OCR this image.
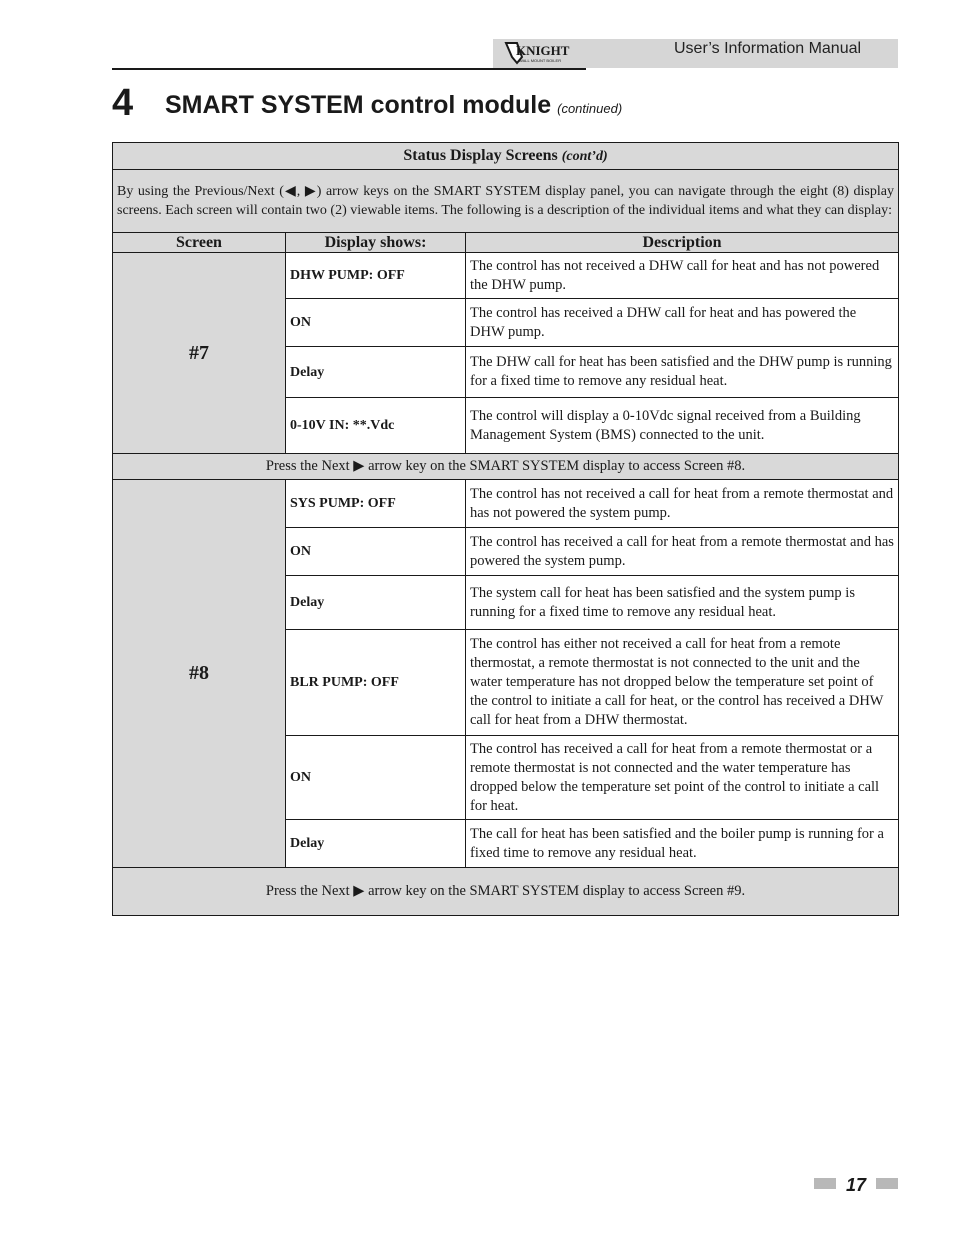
KNIGHT
WALL MOUNT BOILER
User’s Information Manual
4 SMART SYSTEM control module (continued)
Status Display Screens (cont’d)		
By using the Previous/Next (◀, ▶) arrow keys on the SMART SYSTEM display panel, you can navigate through the eight (8) display screens. Each screen will contain two (2) viewable items. The following is a description of the individual items and what they can display:		
Screen	Display shows:	Description
#7	DHW PUMP: OFF	The control has not received a DHW call for heat and has not powered the DHW pump.
	ON	The control has received a DHW call for heat and has powered the DHW pump.
	Delay	The DHW call for heat has been satisfied and the DHW pump is running for a fixed time to remove any residual heat.
	0-10V IN: **.Vdc	The control will display a 0-10Vdc signal received from a Building Management System (BMS) connected to the unit.
Press the Next ▶ arrow key on the SMART SYSTEM display to access Screen #8.		
#8	SYS PUMP: OFF	The control has not received a call for heat from a remote thermostat and has not powered the system pump.
	ON	The control has received a call for heat from a remote thermostat and has powered the system pump.
	Delay	The system call for heat has been satisfied and the system pump is running for a fixed time to remove any residual heat.
	BLR PUMP: OFF	The control has either not received a call for heat from a remote thermostat, a remote thermostat is not connected to the unit and the water temperature has not dropped below the temperature set point of the control to initiate a call for heat, or the control has received a DHW call for heat from a DHW thermostat.
	ON	The control has received a call for heat from a remote thermostat or a remote thermostat is not connected and the water temperature has dropped below the temperature set point of the control to initiate a call for heat.
	Delay	The call for heat has been satisfied and the boiler pump is running for a fixed time to remove any residual heat.
Press the Next ▶ arrow key on the SMART SYSTEM display to access Screen #9.		
17
